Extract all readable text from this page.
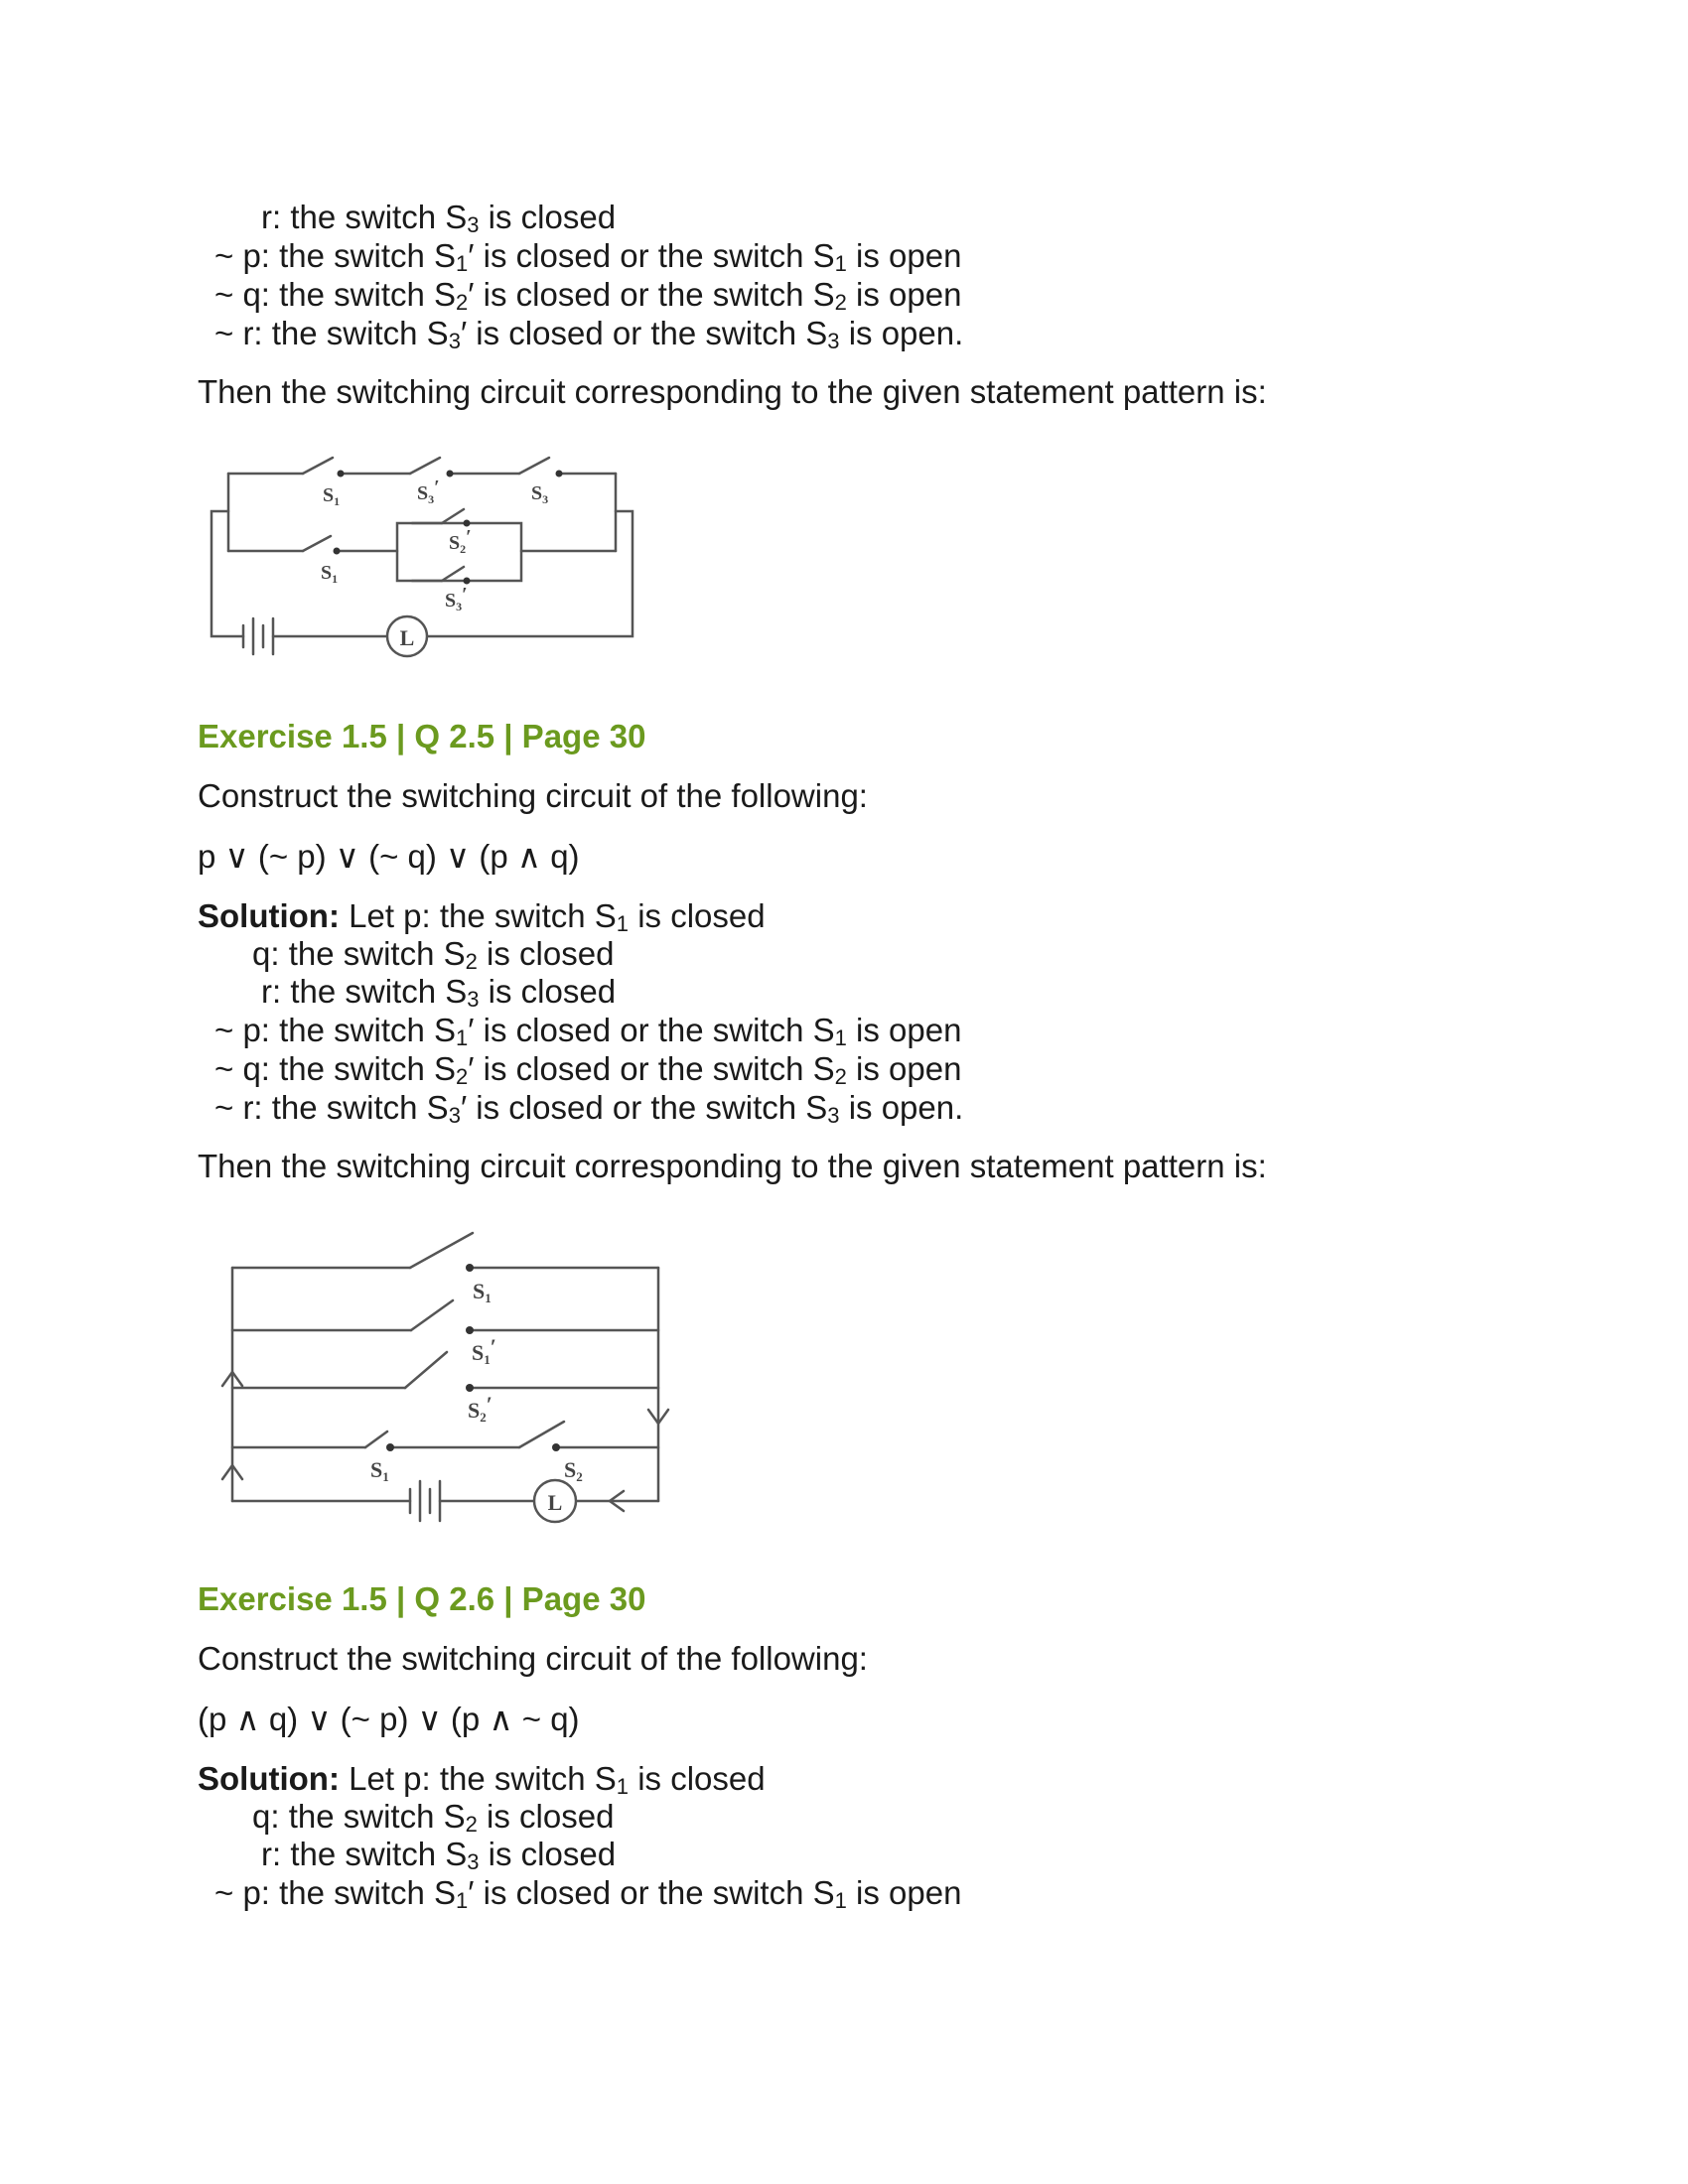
r: the switch $S_3$ is closed
~ p: the switch $S_1'$ is closed or the switch $S_1$ is open
~ q: the switch $S_2'$ is closed or the switch $S_2$ is open
~ r: the switch $S_3'$ is closed or the switch $S_3$ is open.
Then the switching circuit corresponding to the given statement pattern is:
L
$S_1$	$S_3'$	$S_3$
$S_1$
$S_2'$
$S_3'$
Exercise 1.5 | Q 2.5 | Page 30
Construct the switching circuit of the following:
p ∨ (~ p) ∨ (~ q) ∨ (p ∧ q)
Solution: Let p: the switch $S_1$ is closed
q: the switch $S_2$ is closed
r: the switch $S_3$ is closed
~ p: the switch $S_1'$ is closed or the switch $S_1$ is open
~ q: the switch $S_2'$ is closed or the switch $S_2$ is open
~ r: the switch $S_3'$ is closed or the switch $S_3$ is open.
Then the switching circuit corresponding to the given statement pattern is:
L
S1
S1′
S2′
S1	S2
Exercise 1.5 | Q 2.6 | Page 30
Construct the switching circuit of the following:
(p ∧ q) ∨ (~ p) ∨ (p ∧ ~ q)
Solution: Let p: the switch $S_1$ is closed
q: the switch $S_2$ is closed
r: the switch $S_3$ is closed
~ p: the switch $S_1'$ is closed or the switch $S_1$ is open
